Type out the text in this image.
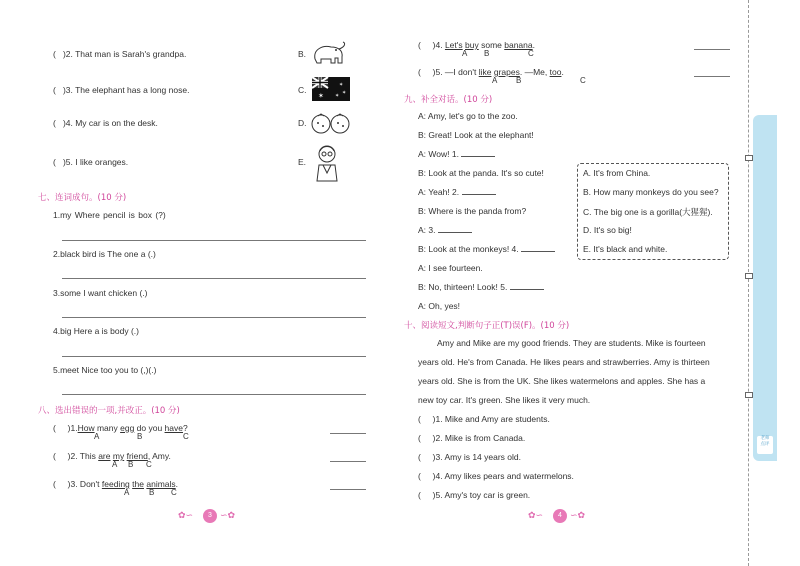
( )2. That man is Sarah's grandpa.	B.
( )3. The elephant has a long nose.	C.
✶
✶
✶
✶
( )4. My car is on the desk.	D.
( )5. I like oranges.	E.
七、连词成句。(10 分)
1.my Where pencil is box (?)
2.black bird is The one a (.)
3.some I want chicken (.)
4.big Here a is body (.)
5.meet Nice too you to (,)(.)
八、选出错误的一项,并改正。(10 分)
( )1.How many egg do you have?
A	B	C
( )2. This are my friend, Amy.
A B C
( )3. Don't feeding the animals.
A B C
✿∽	3 ∽✿
( )4. Let's buy some banana.
A B	C
( )5. —I don't like grapes. —Me, too.
A B	C
九、补全对话。(10 分)
A: Amy, let's go to the zoo.
B: Great! Look at the elephant!
A: Wow! 1.
B: Look at the panda. It's so cute!
A: Yeah! 2.
B: Where is the panda from?
A: 3.
B: Look at the monkeys! 4.
A: I see fourteen.
B: No, thirteen! Look! 5.
A: Oh, yes!
A. It's from China.
B. How many monkeys do you see?
C. The big one is a gorilla(大猩猩).
D. It's so big!
E. It's black and white.
十、阅读短文,判断句子正(T)误(F)。(10 分)
Amy and Mike are my good friends. They are students. Mike is fourteen
years old. He's from Canada. He likes pears and strawberries. Amy is thirteen
years old. She is from the UK. She likes watermelons and apples. She has a
new toy car. It's green. She likes it very much.
( )1. Mike and Amy are students.
( )2. Mike is from Canada.
( )3. Amy is 14 years old.
( )4. Amy likes pears and watermelons.
( )5. Amy's toy car is green.
✿∽	4 ∽✿
老师
点评
